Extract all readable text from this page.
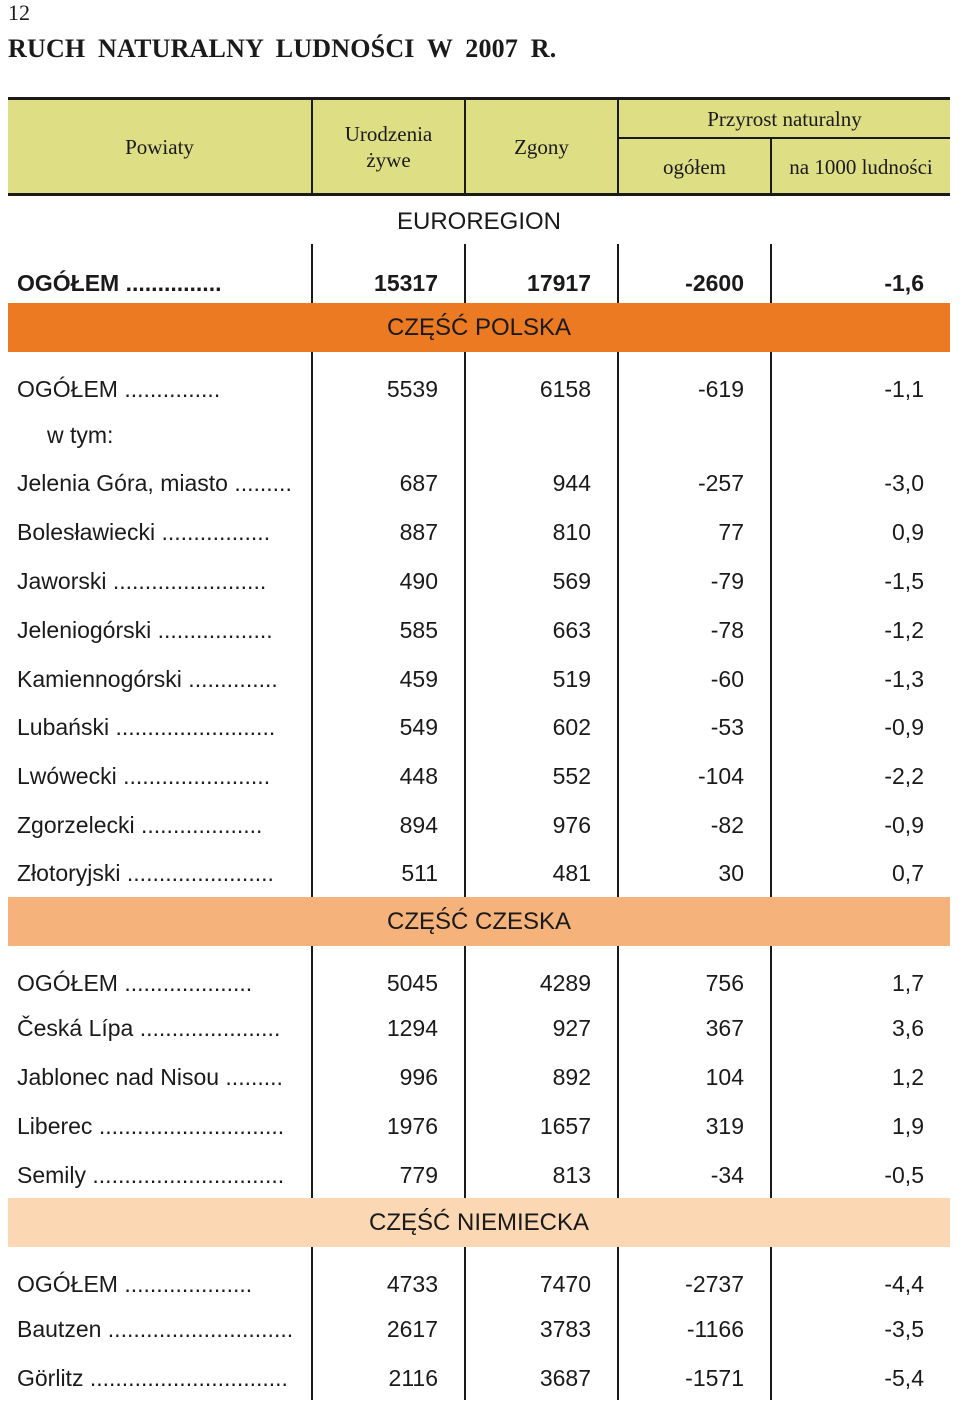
12
RUCH NATURALNY LUDNOŚCI W 2007 R.
Powiaty
Urodzenia
żywe
Zgony
Przyrost naturalny
ogółem	na 1000 ludności
EUROREGION
OGÓŁEM ...............	15317	17917	-2600	-1,6
CZĘŚĆ POLSKA
OGÓŁEM ...............	5539	6158	-619	-1,1
w tym:
Jelenia Góra, miasto .........	687	944	-257	-3,0
Bolesławiecki .................	887	810	77	0,9
Jaworski ........................	490	569	-79	-1,5
Jeleniogórski ..................	585	663	-78	-1,2
Kamiennogórski ..............	459	519	-60	-1,3
Lubański .........................	549	602	-53	-0,9
Lwówecki .......................	448	552	-104	-2,2
Zgorzelecki ...................	894	976	-82	-0,9
Złotoryjski .......................	511	481	30	0,7
CZĘŚĆ CZESKA
OGÓŁEM ....................	5045	4289	756	1,7
Česká Lípa ......................	1294	927	367	3,6
Jablonec nad Nisou .........	996	892	104	1,2
Liberec .............................	1976	1657	319	1,9
Semily ..............................	779	813	-34	-0,5
CZĘŚĆ NIEMIECKA
OGÓŁEM ....................	4733	7470	-2737	-4,4
Bautzen .............................	2617	3783	-1166	-3,5
Görlitz ...............................	2116	3687	-1571	-5,4
